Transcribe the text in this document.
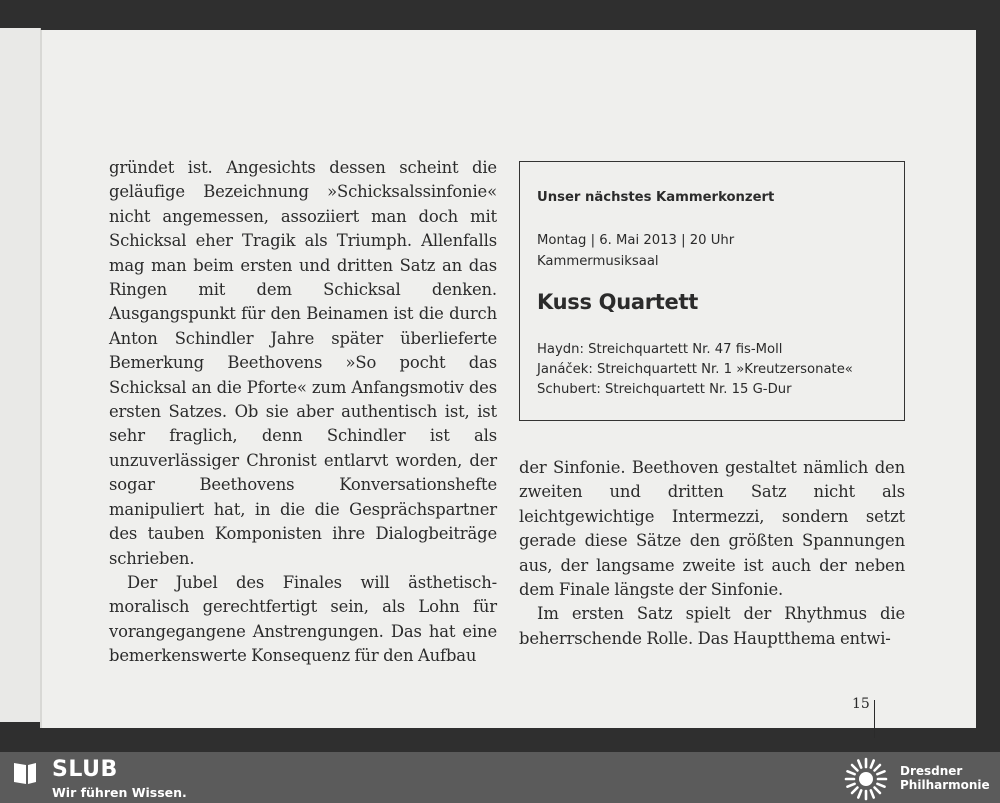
gründet ist. Angesichts dessen scheint die geläufige Bezeichnung »Schicksalssinfonie« nicht angemessen, assoziiert man doch mit Schicksal eher Tragik als Triumph. Allenfalls mag man beim ersten und dritten Satz an das Ringen mit dem Schicksal denken. Ausgangspunkt für den Beinamen ist die durch Anton Schindler Jahre später überlieferte Bemerkung Beethovens »So pocht das Schicksal an die Pforte« zum Anfangsmotiv des ersten Satzes. Ob sie aber authentisch ist, ist sehr fraglich, denn Schindler ist als unzuverlässiger Chronist entlarvt worden, der sogar Beethovens Konversationshefte manipuliert hat, in die die Gesprächspartner des tauben Komponisten ihre Dialogbeiträge schrieben.

Der Jubel des Finales will ästhetisch-moralisch gerechtfertigt sein, als Lohn für vorangegangene Anstrengungen. Das hat eine bemerkenswerte Konsequenz für den Aufbau

Unser nächstes Kammerkonzert
Montag | 6. Mai 2013 | 20 Uhr
Kammermusiksaal
Kuss Quartett
Haydn: Streichquartett Nr. 47 fis-Moll
Janáček: Streichquartett Nr. 1 »Kreutzersonate«
Schubert: Streichquartett Nr. 15 G-Dur

der Sinfonie. Beethoven gestaltet nämlich den zweiten und dritten Satz nicht als leichtgewichtige Intermezzi, sondern setzt gerade diese Sätze den größten Spannungen aus, der langsame zweite ist auch der neben dem Finale längste der Sinfonie.

Im ersten Satz spielt der Rhythmus die beherrschende Rolle. Das Hauptthema entwi-

15
SLUB
Wir führen Wissen.
Dresdner
Philharmonie
